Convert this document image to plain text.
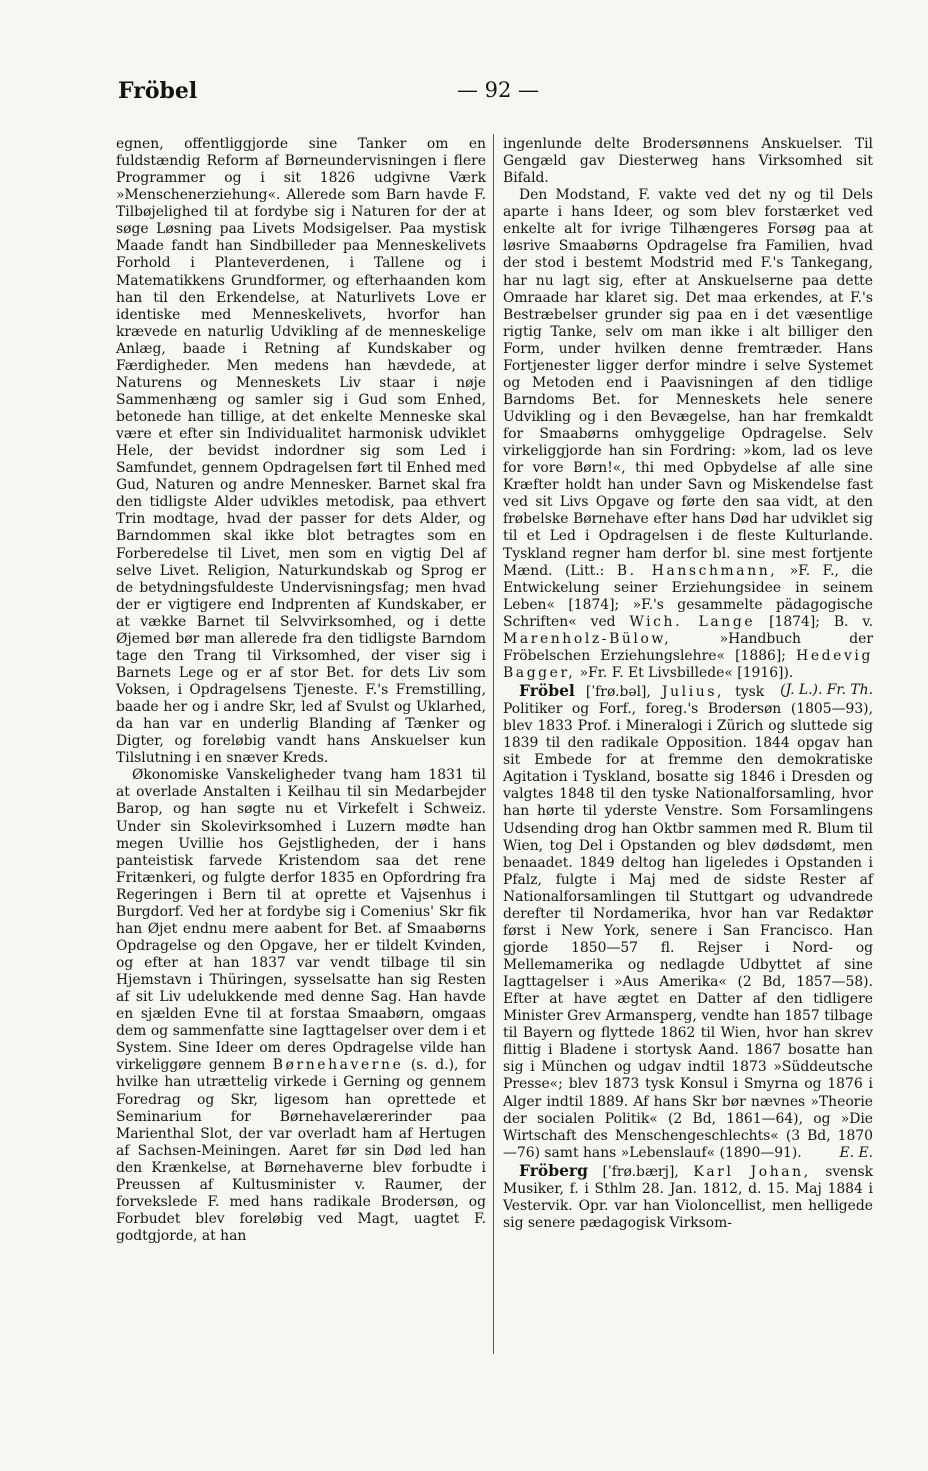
Fröbel	— 92 —

egnen, offentliggjorde sine Tanker om en fuldstændig Reform af Børneundervisningen i flere Programmer og i sit 1826 udgivne Værk »Menschenerziehung«. Allerede som Barn havde F. Tilbøjelighed til at fordybe sig i Naturen for der at søge Løsning paa Livets Modsigelser. Paa mystisk Maade fandt han Sindbilleder paa Menneskelivets Forhold i Planteverdenen, i Tallene og i Matematikkens Grundformer, og efterhaanden kom han til den Erkendelse, at Naturlivets Love er identiske med Menneskelivets, hvorfor han krævede en naturlig Udvikling af de menneskelige Anlæg, baade i Retning af Kundskaber og Færdigheder. Men medens han hævdede, at Naturens og Menneskets Liv staar i nøje Sammenhæng og samler sig i Gud som Enhed, betonede han tillige, at det enkelte Menneske skal være et efter sin Individualitet harmonisk udviklet Hele, der bevidst indordner sig som Led i Samfundet, gennem Opdragelsen ført til Enhed med Gud, Naturen og andre Mennesker. Barnet skal fra den tidligste Alder udvikles metodisk, paa ethvert Trin modtage, hvad der passer for dets Alder, og Barndommen skal ikke blot betragtes som en Forberedelse til Livet, men som en vigtig Del af selve Livet. Religion, Naturkundskab og Sprog er de betydningsfuldeste Undervisningsfag; men hvad der er vigtigere end Indprenten af Kundskaber, er at vække Barnet til Selvvirksomhed, og i dette Øjemed bør man allerede fra den tidligste Barndom tage den Trang til Virksomhed, der viser sig i Barnets Lege og er af stor Bet. for dets Liv som Voksen, i Opdragelsens Tjeneste. F.'s Fremstilling, baade her og i andre Skr, led af Svulst og Uklarhed, da han var en underlig Blanding af Tænker og Digter, og foreløbig vandt hans Anskuelser kun Tilslutning i en snæver Kreds.

Økonomiske Vanskeligheder tvang ham 1831 til at overlade Anstalten i Keilhau til sin Medarbejder Barop, og han søgte nu et Virkefelt i Schweiz. Under sin Skolevirksomhed i Luzern mødte han megen Uvillie hos Gejstligheden, der i hans panteistisk farvede Kristendom saa det rene Fritænkeri, og fulgte derfor 1835 en Opfordring fra Regeringen i Bern til at oprette et Vajsenhus i Burgdorf. Ved her at fordybe sig i Comenius' Skr fik han Øjet endnu mere aabent for Bet. af Smaabørns Opdragelse og den Opgave, her er tildelt Kvinden, og efter at han 1837 var vendt tilbage til sin Hjemstavn i Thüringen, sysselsatte han sig Resten af sit Liv udelukkende med denne Sag. Han havde en sjælden Evne til at forstaa Smaabørn, omgaas dem og sammenfatte sine Iagttagelser over dem i et System. Sine Ideer om deres Opdragelse vilde han virkeliggøre gennem Børnehaverne (s. d.), for hvilke han utrættelig virkede i Gerning og gennem Foredrag og Skr, ligesom han oprettede et Seminarium for Børnehavelærerinder paa Marienthal Slot, der var overladt ham af Hertugen af Sachsen-Meiningen. Aaret før sin Død led han den Krænkelse, at Børnehaverne blev forbudte i Preussen af Kultusminister v. Raumer, der forvekslede F. med hans radikale Brodersøn, og Forbudet blev foreløbig ved Magt, uagtet F. godtgjorde, at han

ingenlunde delte Brodersønnens Anskuelser. Til Gengæld gav Diesterweg hans Virksomhed sit Bifald.

Den Modstand, F. vakte ved det ny og til Dels aparte i hans Ideer, og som blev forstærket ved enkelte alt for ivrige Tilhængeres Forsøg paa at løsrive Smaabørns Opdragelse fra Familien, hvad der stod i bestemt Modstrid med F.'s Tankegang, har nu lagt sig, efter at Anskuelserne paa dette Omraade har klaret sig. Det maa erkendes, at F.'s Bestræbelser grunder sig paa en i det væsentlige rigtig Tanke, selv om man ikke i alt billiger den Form, under hvilken denne fremtræder. Hans Fortjenester ligger derfor mindre i selve Systemet og Metoden end i Paavisningen af den tidlige Barndoms Bet. for Menneskets hele senere Udvikling og i den Bevægelse, han har fremkaldt for Smaabørns omhyggelige Opdragelse. Selv virkeliggjorde han sin Fordring: »kom, lad os leve for vore Børn!«, thi med Opbydelse af alle sine Kræfter holdt han under Savn og Miskendelse fast ved sit Livs Opgave og førte den saa vidt, at den frøbelske Børnehave efter hans Død har udviklet sig til et Led i Opdragelsen i de fleste Kulturlande. Tyskland regner ham derfor bl. sine mest fortjente Mænd. (Litt.: B. Hanschmann, »F. F., die Entwickelung seiner Erziehungsidee in seinem Leben« [1874]; »F.'s gesammelte pädagogische Schriften« ved Wich. Lange [1874]; B. v. Marenholz-Bülow,	»Handbuch der Fröbelschen Erziehungslehre« [1886]; Hedevig Bagger, »Fr. F. Et Livsbillede« [1916]).
(J. L.). Fr. Th.

Fröbel [ˈfrø.bəl], Julius, tysk Politiker og Forf., foreg.'s Brodersøn (1805—93), blev 1833 Prof. i Mineralogi i Zürich og sluttede sig 1839 til den radikale Opposition. 1844 opgav han sit Embede for at fremme den demokratiske Agitation i Tyskland, bosatte sig 1846 i Dresden og valgtes 1848 til den tyske Nationalforsamling, hvor han hørte til yderste Venstre. Som Forsamlingens Udsending drog han Oktbr sammen med R. Blum til Wien, tog Del i Opstanden og blev dødsdømt, men benaadet. 1849 deltog han ligeledes i Opstanden i Pfalz, fulgte i Maj med de sidste Rester af Nationalforsamlingen til Stuttgart og udvandrede derefter til Nordamerika, hvor han var Redaktør først i New York, senere i San Francisco. Han gjorde 1850—57 fl. Rejser i Nord- og Mellemamerika og nedlagde Udbyttet af sine Iagttagelser i »Aus Amerika« (2 Bd, 1857—58). Efter at have ægtet en Datter af den tidligere Minister Grev Armansperg, vendte han 1857 tilbage til Bayern og flyttede 1862 til Wien, hvor han skrev flittig i Bladene i stortysk Aand. 1867 bosatte han sig i München og udgav indtil 1873 »Süddeutsche Presse«; blev 1873 tysk Konsul i Smyrna og 1876 i Alger indtil 1889. Af hans Skr bør nævnes »Theorie der socialen Politik« (2 Bd, 1861—64), og »Die Wirtschaft des Menschengeschlechts« (3 Bd, 1870—76) samt hans »Lebenslauf« (1890—91).	E. E.

Fröberg [ˈfrø.bærj], Karl Johan, svensk Musiker, f. i Sthlm 28. Jan. 1812, d. 15. Maj 1884 i Vestervik. Opr. var han Violoncellist, men helligede sig senere pædagogisk Virksom-
